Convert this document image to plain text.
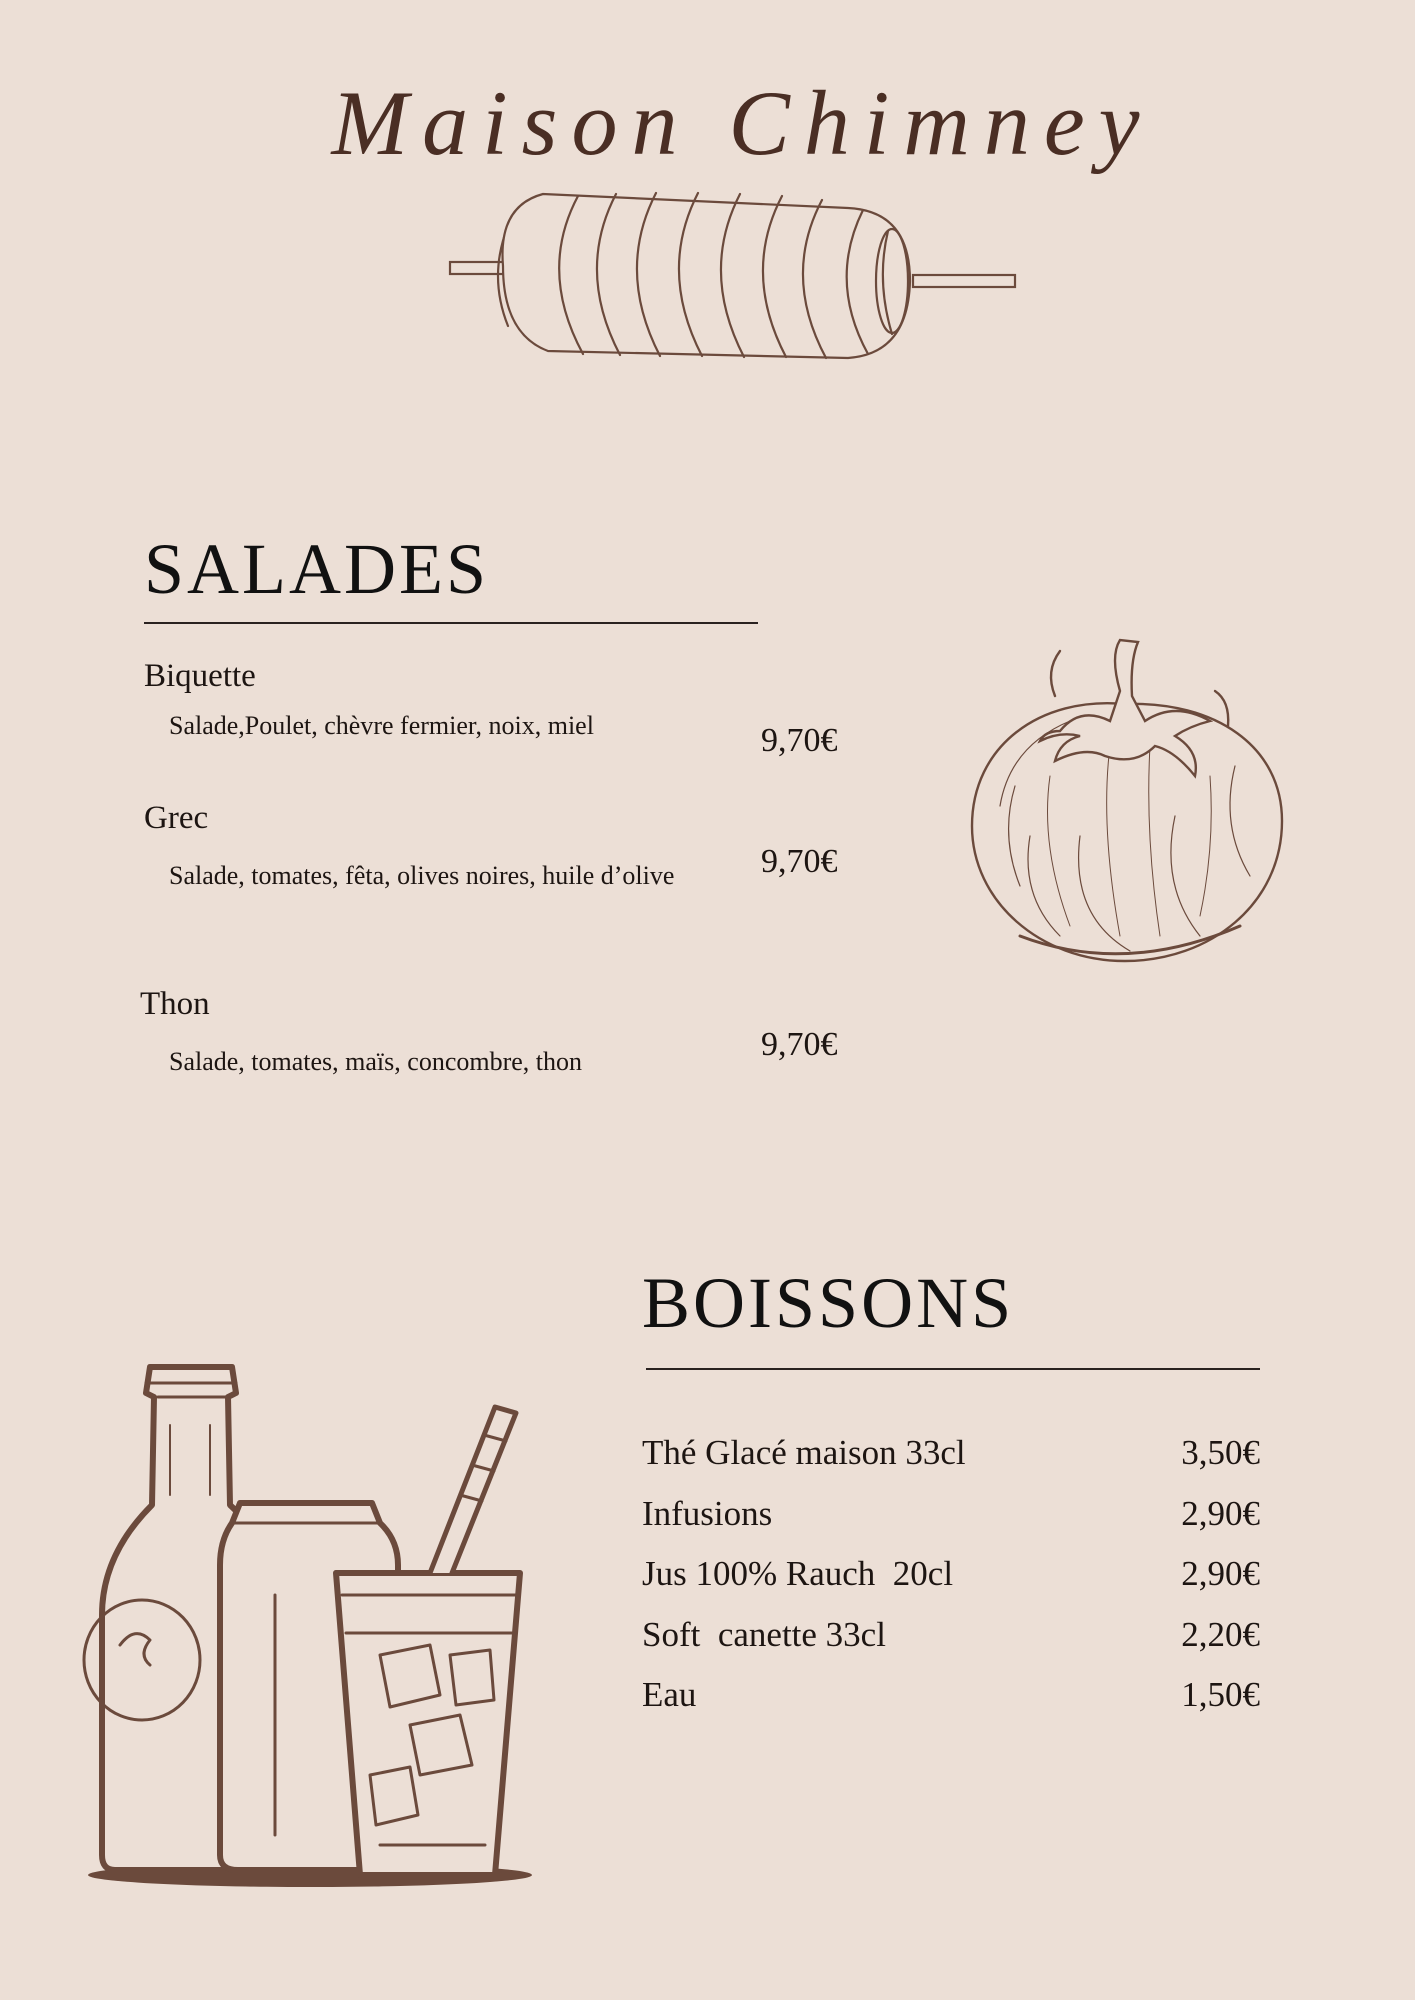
Maison Chimney
SALADES
Biquette
Salade,Poulet, chèvre fermier, noix, miel	9,70€
Grec
Salade, tomates, fêta, olives noires, huile d’olive	9,70€
Thon
Salade, tomates, maïs, concombre, thon	9,70€
BOISSONS
Thé Glacé maison 33cl	3,50€
Infusions	2,90€
Jus 100% Rauch  20cl	2,90€
Soft  canette 33cl	2,20€
Eau	1,50€
